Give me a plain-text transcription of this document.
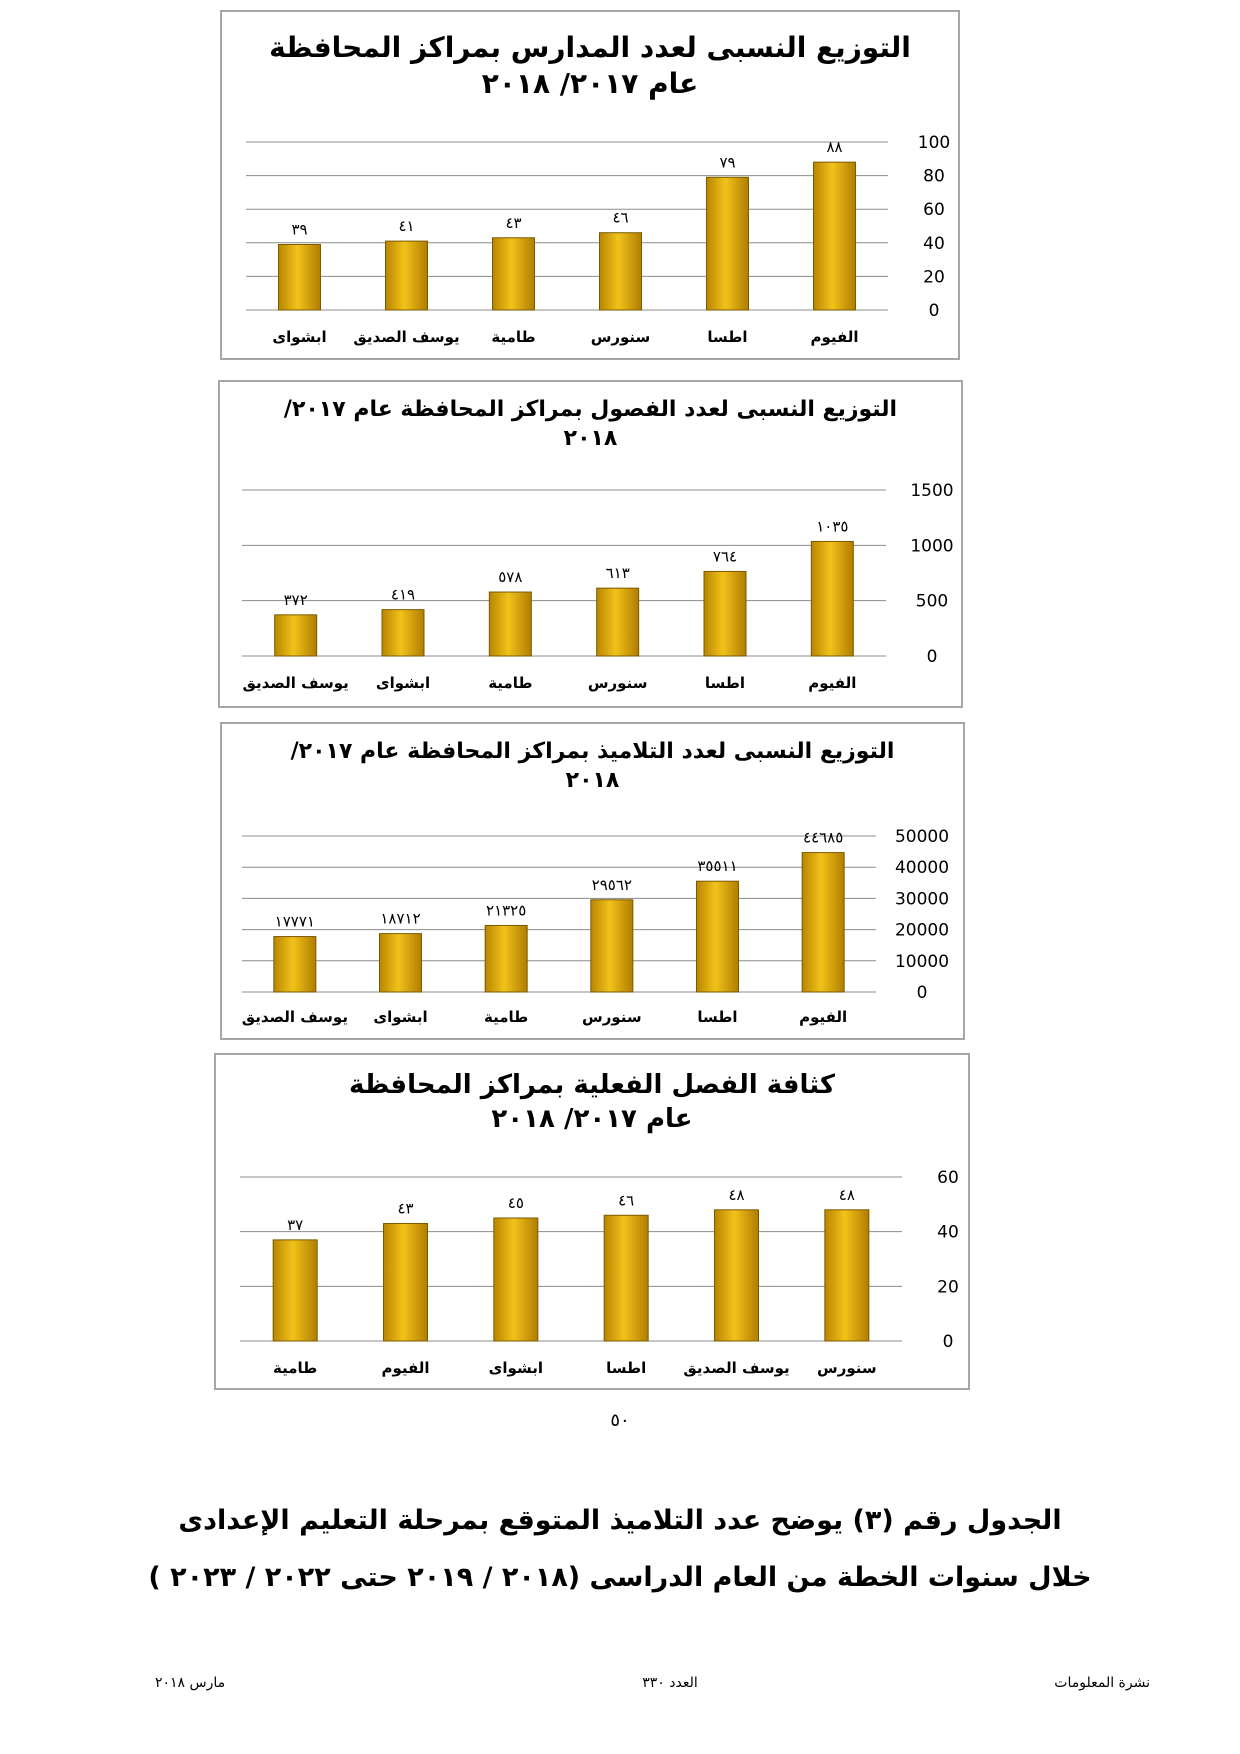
التوزيع النسبى لعدد المدارس بمراكز المحافظة
عام ٢٠١٧/ ٢٠١٨
0
20
40
60
80
100
٣٩
ابشواى
٤١
يوسف الصديق
٤٣
طامية
٤٦
سنورس
٧٩
اطسا
٨٨
الفيوم
التوزيع النسبى لعدد الفصول بمراكز المحافظة عام ٢٠١٧/
٢٠١٨
0
500
1000
1500
٣٧٢
يوسف الصديق
٤١٩
ابشواى
٥٧٨
طامية
٦١٣
سنورس
٧٦٤
اطسا
١٠٣٥
الفيوم
التوزيع النسبى لعدد التلاميذ بمراكز المحافظة عام ٢٠١٧/
٢٠١٨
0
10000
20000
30000
40000
50000
١٧٧٧١
يوسف الصديق
١٨٧١٢
ابشواى
٢١٣٢٥
طامية
٢٩٥٦٢
سنورس
٣٥٥١١
اطسا
٤٤٦٨٥
الفيوم
كثافة الفصل الفعلية بمراكز المحافظة
عام ٢٠١٧/ ٢٠١٨
0
20
40
60
٣٧
طامية
٤٣
الفيوم
٤٥
ابشواى
٤٦
اطسا
٤٨
يوسف الصديق
٤٨
سنورس
٥٠
الجدول رقم (٣) يوضح عدد التلاميذ المتوقع بمرحلة التعليم الإعدادى
خلال سنوات الخطة من العام الدراسى (٢٠١٨ / ٢٠١٩ حتى ٢٠٢٢ / ٢٠٢٣ )
نشرة المعلومات
العدد ٣٣٠
مارس ٢٠١٨
